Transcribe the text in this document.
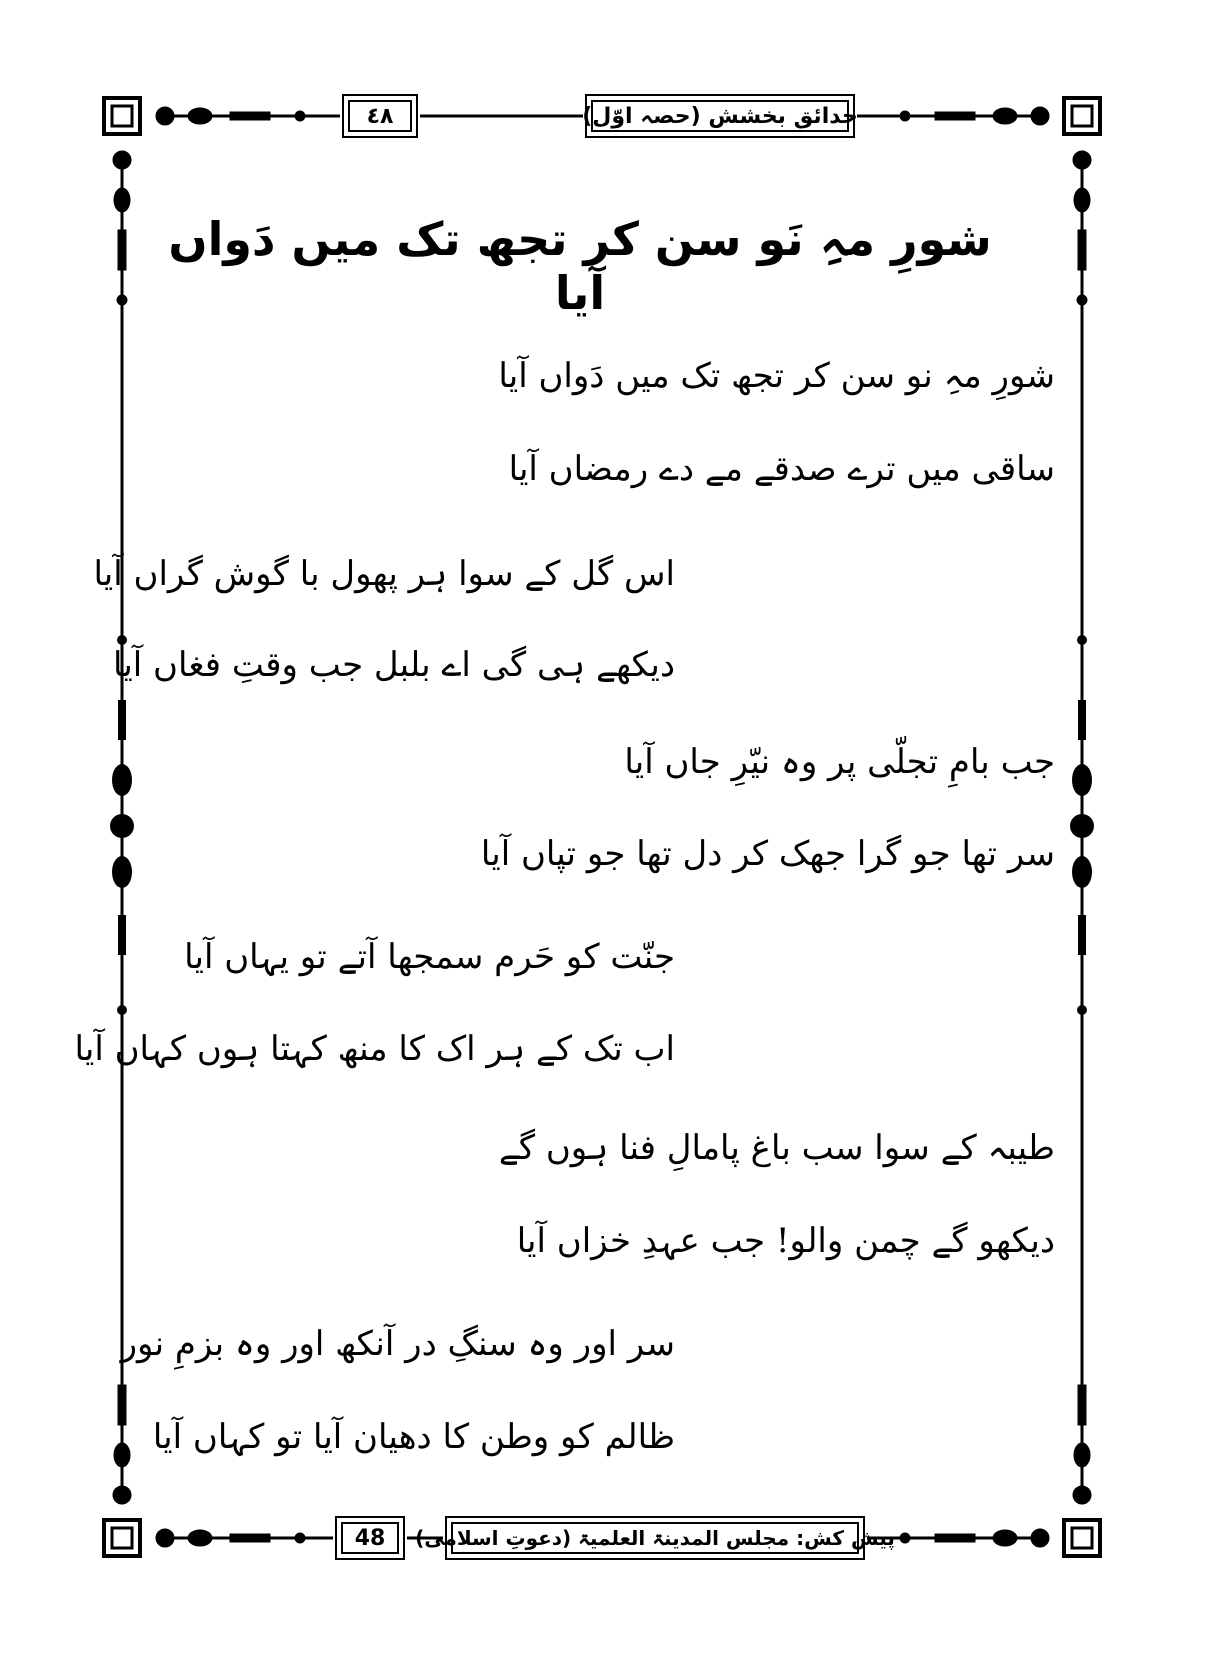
٤٨	حدائق بخشش (حصہ اوّل)
شورِ مہِ نَو سن کر تجھ تک میں دَواں آیا
شورِ مہِ نو سن کر تجھ تک میں دَواں آیا
ساقی میں ترے صدقے مے دے رمضاں آیا
اس گل کے سوا ہر پھول با گوش گراں آیا
دیکھے ہی گی اے بلبل جب وقتِ فغاں آیا
جب بامِ تجلّی پر وہ نیّرِ جاں آیا
سر تھا جو گرا جھک کر دل تھا جو تپاں آیا
جنّت کو حَرم سمجھا آتے تو یہاں آیا
اب تک کے ہر اک کا منھ کہتا ہوں کہاں آیا
طیبہ کے سوا سب باغ پامالِ فنا ہوں گے
دیکھو گے چمن والو! جب عہدِ خزاں آیا
سر اور وہ سنگِ در آنکھ اور وہ بزمِ نور
ظالم کو وطن کا دھیان آیا تو کہاں آیا
48 پیش کش: مجلس المدینۃ العلمیۃ (دعوتِ اسلامی)
